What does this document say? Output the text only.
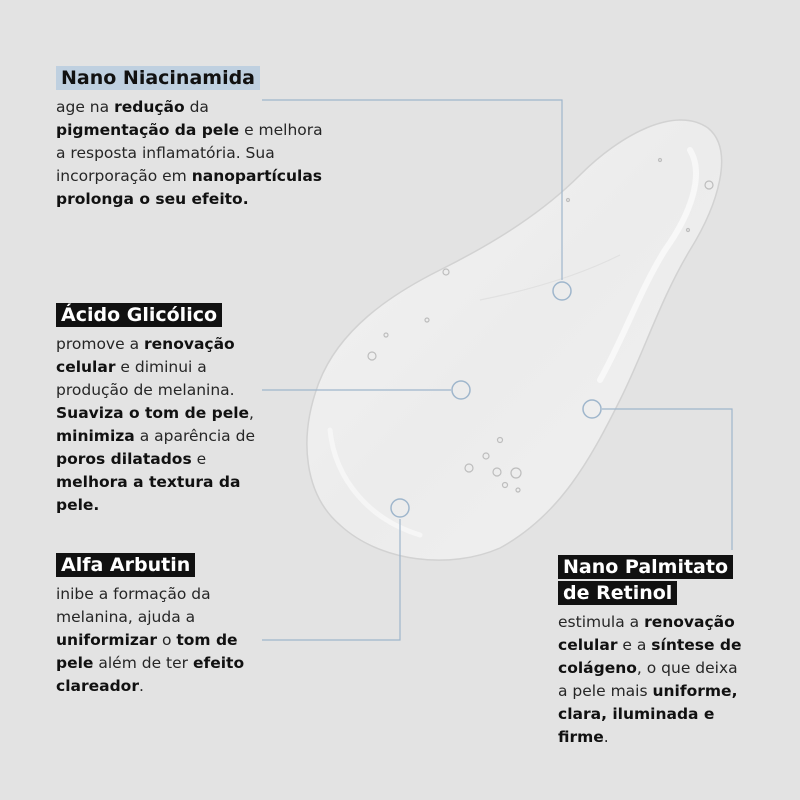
Nano Niacinamida
age na redução da pigmentação da pele e melhora a resposta inflamatória. Sua incorporação em nanopartículas prolonga o seu efeito.
Ácido Glicólico
promove a renovação celular e diminui a produção de melanina. Suaviza o tom de pele, minimiza a aparência de poros dilatados e melhora a textura da pele.
Alfa Arbutin
inibe a formação da melanina, ajuda a uniformizar o tom de pele além de ter efeito clareador.
Nano Palmitato
de Retinol
estimula a renovação celular e a síntese de colágeno, o que deixa a pele mais uniforme, clara, iluminada e firme.
